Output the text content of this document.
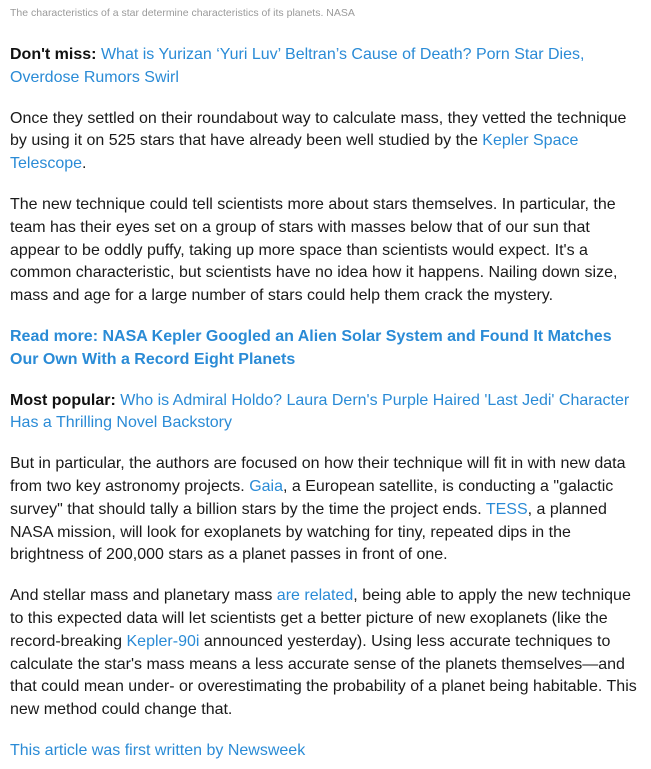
The characteristics of a star determine characteristics of its planets. NASA

Don't miss: What is Yurizan ‘Yuri Luv’ Beltran’s Cause of Death? Porn Star Dies, Overdose Rumors Swirl

Once they settled on their roundabout way to calculate mass, they vetted the technique by using it on 525 stars that have already been well studied by the Kepler Space Telescope.

The new technique could tell scientists more about stars themselves. In particular, the team has their eyes set on a group of stars with masses below that of our sun that appear to be oddly puffy, taking up more space than scientists would expect. It's a common characteristic, but scientists have no idea how it happens. Nailing down size, mass and age for a large number of stars could help them crack the mystery.

Read more: NASA Kepler Googled an Alien Solar System and Found It Matches Our Own With a Record Eight Planets

Most popular: Who is Admiral Holdo? Laura Dern's Purple Haired 'Last Jedi' Character Has a Thrilling Novel Backstory

But in particular, the authors are focused on how their technique will fit in with new data from two key astronomy projects. Gaia, a European satellite, is conducting a "galactic survey" that should tally a billion stars by the time the project ends. TESS, a planned NASA mission, will look for exoplanets by watching for tiny, repeated dips in the brightness of 200,000 stars as a planet passes in front of one.

And stellar mass and planetary mass are related, being able to apply the new technique to this expected data will let scientists get a better picture of new exoplanets (like the record-breaking Kepler-90i announced yesterday). Using less accurate techniques to calculate the star's mass means a less accurate sense of the planets themselves—and that could mean under- or overestimating the probability of a planet being habitable. This new method could change that.

This article was first written by Newsweek
